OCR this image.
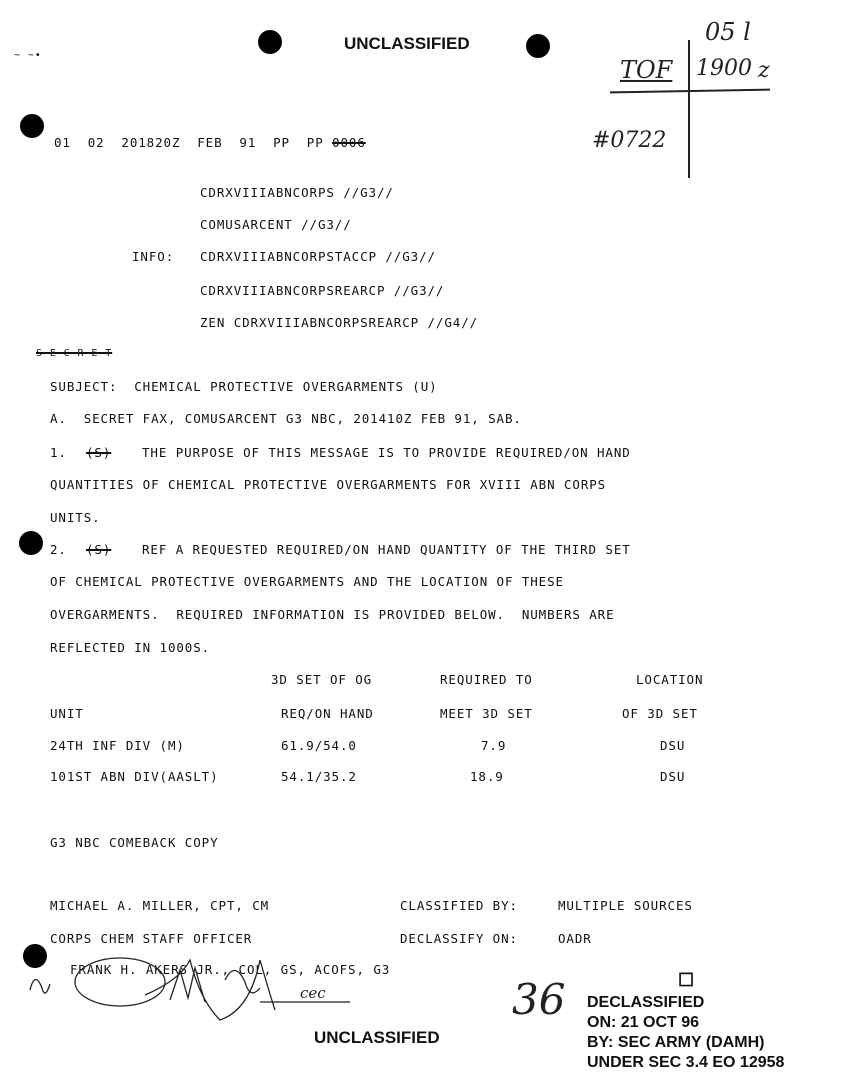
~ ~•
UNCLASSIFIED	05 l
TOF 1900 z
#0722

01  02  201820Z  FEB  91  PP  PP 0006
CDRXVIIIABNCORPS //G3//
COMUSARCENT //G3//
INFO: CDRXVIIIABNCORPSTACCP //G3//
CDRXVIIIABNCORPSREARCP //G3//
ZEN CDRXVIIIABNCORPSREARCP //G4//
S E C R E T
SUBJECT:  CHEMICAL PROTECTIVE OVERGARMENTS (U)
A.  SECRET FAX, COMUSARCENT G3 NBC, 201410Z FEB 91, SAB.
1. (S) THE PURPOSE OF THIS MESSAGE IS TO PROVIDE REQUIRED/ON HAND
QUANTITIES OF CHEMICAL PROTECTIVE OVERGARMENTS FOR XVIII ABN CORPS
UNITS.
2. (S) REF A REQUESTED REQUIRED/ON HAND QUANTITY OF THE THIRD SET
OF CHEMICAL PROTECTIVE OVERGARMENTS AND THE LOCATION OF THESE
OVERGARMENTS.  REQUIRED INFORMATION IS PROVIDED BELOW.  NUMBERS ARE
REFLECTED IN 1000S.
3D SET OF OG	REQUIRED TO	LOCATION
UNIT	REQ/ON HAND	MEET 3D SET	OF 3D SET
24TH INF DIV (M)	61.9/54.0	7.9	DSU
101ST ABN DIV(AASLT)	54.1/35.2	18.9	DSU
G3 NBC COMEBACK COPY
MICHAEL A. MILLER, CPT, CM	CLASSIFIED BY:	MULTIPLE SOURCES
CORPS CHEM STAFF OFFICER	DECLASSIFY ON:	OADR
FRANK H. AKERS JR., COL, GS, ACOFS, G3
cec	36
UNCLASSIFIED
☐
DECLASSIFIED
ON: 21 OCT 96
BY: SEC ARMY (DAMH)
UNDER SEC 3.4 EO 12958
